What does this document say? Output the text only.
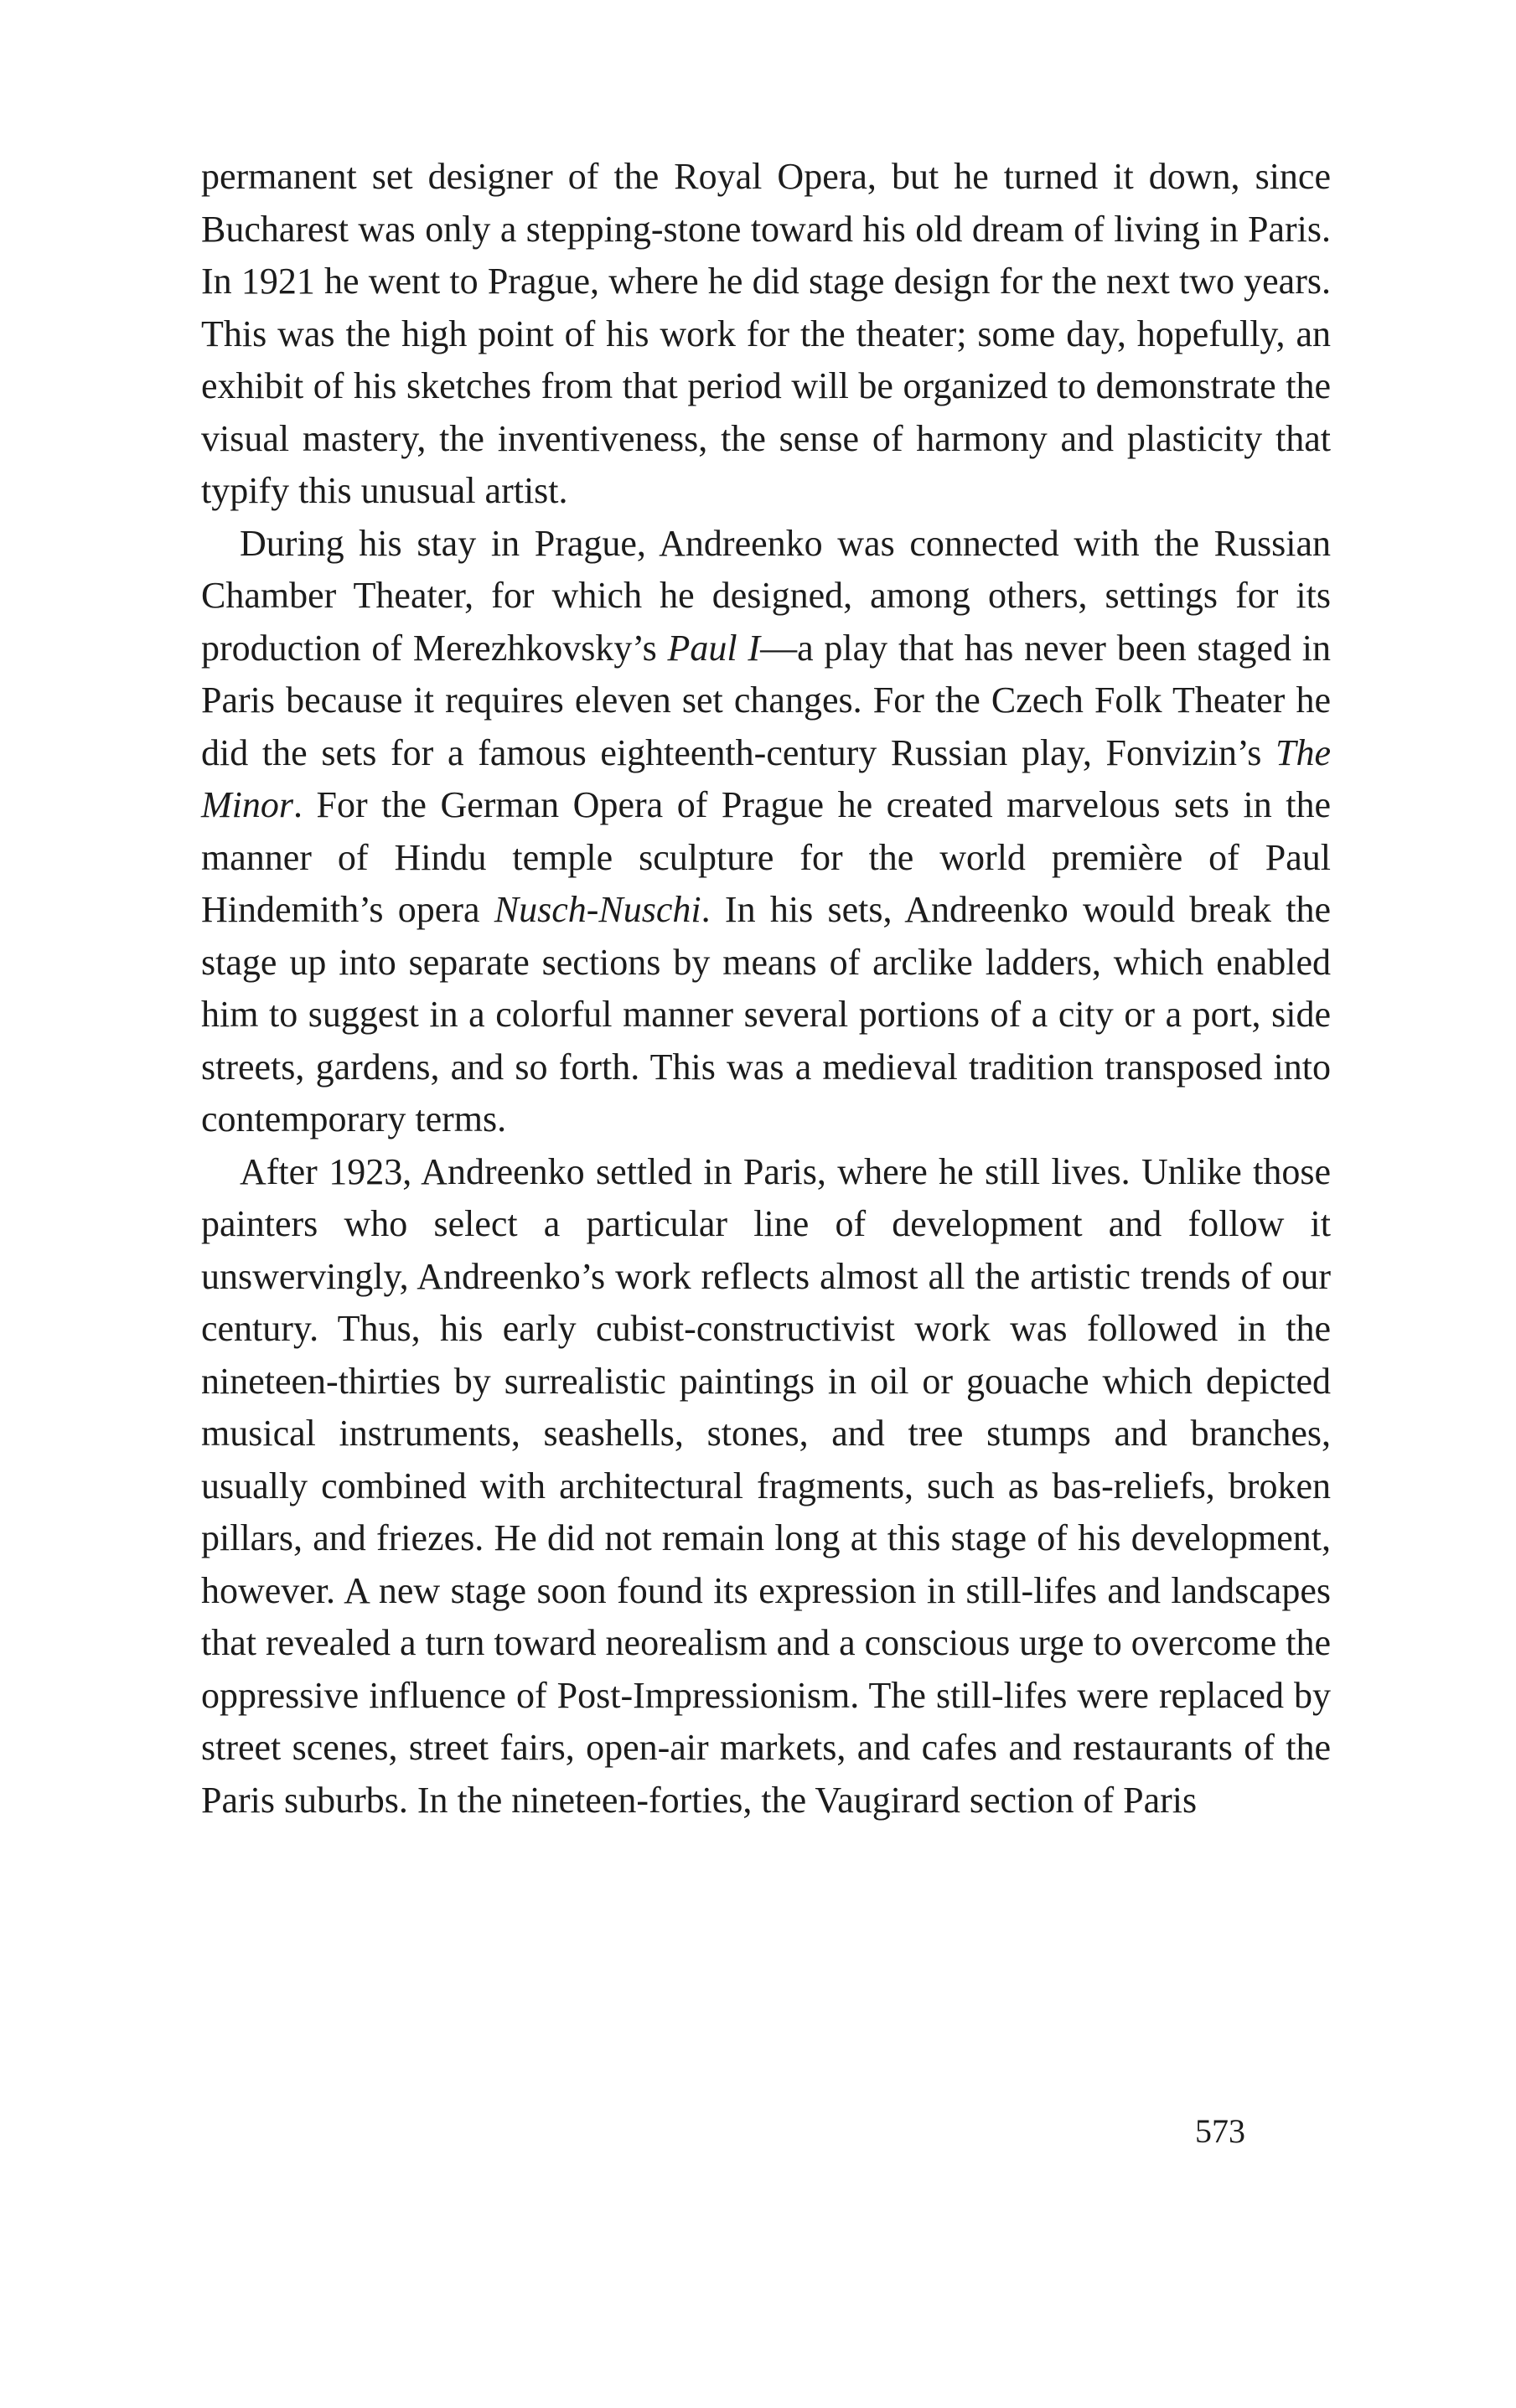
permanent set designer of the Royal Opera, but he turned it down, since Bucharest was only a stepping-stone toward his old dream of living in Paris. In 1921 he went to Prague, where he did stage design for the next two years. This was the high point of his work for the theater; some day, hopefully, an exhibit of his sketches from that period will be organized to demonstrate the visual mastery, the inventiveness, the sense of harmony and plasticity that typify this unusual artist.

During his stay in Prague, Andreenko was connected with the Russian Chamber Theater, for which he designed, among others, settings for its production of Merezhkovsky’s Paul I—a play that has never been staged in Paris because it requires eleven set changes. For the Czech Folk Theater he did the sets for a famous eighteenth-century Russian play, Fonvizin’s The Minor. For the German Opera of Prague he created marvelous sets in the manner of Hindu temple sculpture for the world première of Paul Hindemith’s opera Nusch-Nuschi. In his sets, Andreenko would break the stage up into separate sections by means of arclike ladders, which enabled him to suggest in a colorful manner several portions of a city or a port, side streets, gardens, and so forth. This was a medieval tradition transposed into contemporary terms.

After 1923, Andreenko settled in Paris, where he still lives. Unlike those painters who select a particular line of development and follow it unswervingly, Andreenko’s work reflects almost all the artistic trends of our century. Thus, his early cubist-constructivist work was followed in the nineteen-thirties by surrealistic paintings in oil or gouache which depicted musical instruments, seashells, stones, and tree stumps and branches, usually combined with architectural fragments, such as bas-reliefs, broken pillars, and friezes. He did not remain long at this stage of his development, however. A new stage soon found its expression in still-lifes and landscapes that revealed a turn toward neorealism and a conscious urge to overcome the oppressive influence of Post-Impressionism. The still-lifes were replaced by street scenes, street fairs, open-air markets, and cafes and restaurants of the Paris suburbs. In the nineteen-forties, the Vaugirard section of Paris

573
